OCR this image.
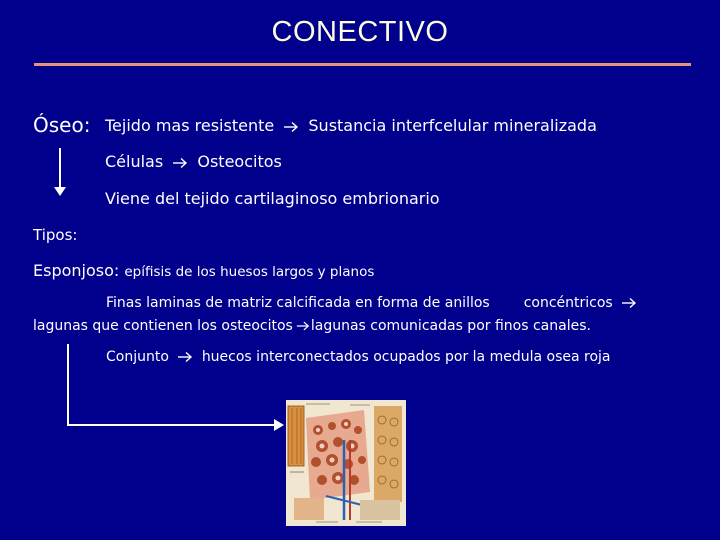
CONECTIVO
Óseo: Tejido mas resistente Sustancia interfcelular mineralizada
Células Osteocitos
Viene del tejido cartilaginoso embrionario
Tipos:
Esponjoso: epífisis de los huesos largos y planos
Finas laminas de matriz calcificada en forma de anillos concéntricos
lagunas que contienen los osteocitos lagunas comunicadas por finos canales.
Conjunto huecos interconectados ocupados por la medula osea roja
